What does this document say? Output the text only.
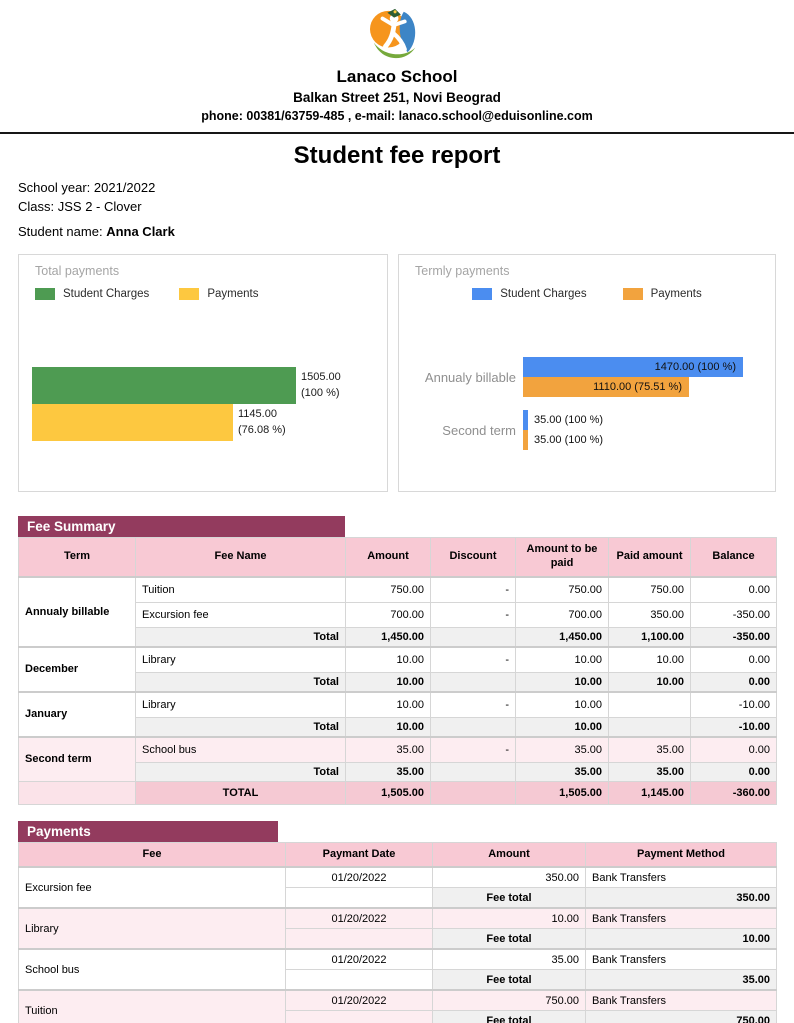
Lanaco School
Balkan Street 251, Novi Beograd
phone: 00381/63759-485 , e-mail: lanaco.school@eduisonline.com
Student fee report
School year: 2021/2022
Class: JSS 2 - Clover
Student name: Anna Clark
Total payments
Student Charges	Payments
1505.00
(100 %)
1145.00
(76.08 %)
Termly payments
Student Charges	Payments
Annualy billable
1470.00 (100 %)
1110.00 (75.51 %)
Second term
35.00 (100 %)
35.00 (100 %)
Fee Summary
Term	Fee Name	Amount	Discount	Amount to be paid	Paid amount	Balance
Annualy billable	Tuition	750.00	-	750.00	750.00	0.00
	Excursion fee	700.00	-	700.00	350.00	-350.00
	Total	1,450.00		1,450.00	1,100.00	-350.00
December	Library	10.00	-	10.00	10.00	0.00
	Total	10.00		10.00	10.00	0.00
January	Library	10.00	-	10.00		-10.00
	Total	10.00		10.00		-10.00
Second term	School bus	35.00	-	35.00	35.00	0.00
	Total	35.00		35.00	35.00	0.00
	TOTAL	1,505.00		1,505.00	1,145.00	-360.00
Payments
Fee	Paymant Date	Amount	Payment Method
Excursion fee	01/20/2022	350.00	Bank Transfers
		Fee total	350.00
Library	01/20/2022	10.00	Bank Transfers
		Fee total	10.00
School bus	01/20/2022	35.00	Bank Transfers
		Fee total	35.00
Tuition	01/20/2022	750.00	Bank Transfers
		Fee total	750.00
